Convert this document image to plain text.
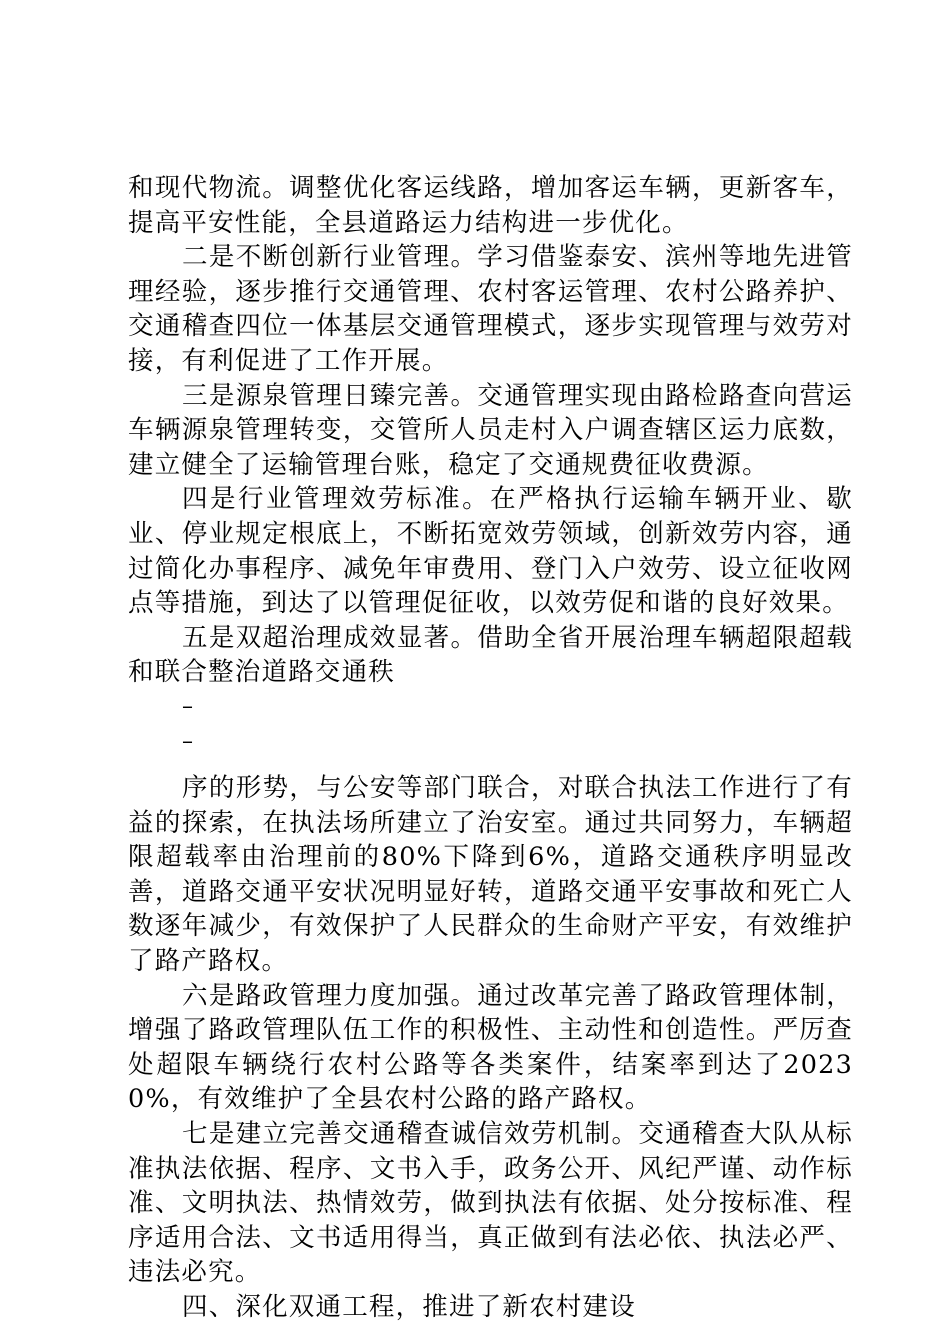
和现代物流。调整优化客运线路，增加客运车辆，更新客车，提高平安性能，全县道路运力结构进一步优化。

二是不断创新行业管理。学习借鉴泰安、滨州等地先进管理经验，逐步推行交通管理、农村客运管理、农村公路养护、交通稽查四位一体基层交通管理模式，逐步实现管理与效劳对接，有利促进了工作开展。

三是源泉管理日臻完善。交通管理实现由路检路查向营运车辆源泉管理转变，交管所人员走村入户调查辖区运力底数，建立健全了运输管理台账，稳定了交通规费征收费源。

四是行业管理效劳标准。在严格执行运输车辆开业、歇业、停业规定根底上，不断拓宽效劳领域，创新效劳内容，通过简化办事程序、减免年审费用、登门入户效劳、设立征收网点等措施，到达了以管理促征收，以效劳促和谐的良好效果。

五是双超治理成效显著。借助全省开展治理车辆超限超载和联合整治道路交通秩

–

–

序的形势，与公安等部门联合，对联合执法工作进行了有益的探索，在执法场所建立了治安室。通过共同努力，车辆超限超载率由治理前的80%下降到6%，道路交通秩序明显改善，道路交通平安状况明显好转，道路交通平安事故和死亡人数逐年减少，有效保护了人民群众的生命财产平安，有效维护了路产路权。

六是路政管理力度加强。通过改革完善了路政管理体制，增强了路政管理队伍工作的积极性、主动性和创造性。严厉查处超限车辆绕行农村公路等各类案件，结案率到达了20230%，有效维护了全县农村公路的路产路权。

七是建立完善交通稽查诚信效劳机制。交通稽查大队从标准执法依据、程序、文书入手，政务公开、风纪严谨、动作标准、文明执法、热情效劳，做到执法有依据、处分按标准、程序适用合法、文书适用得当，真正做到有法必依、执法必严、违法必究。

四、深化双通工程，推进了新农村建设
